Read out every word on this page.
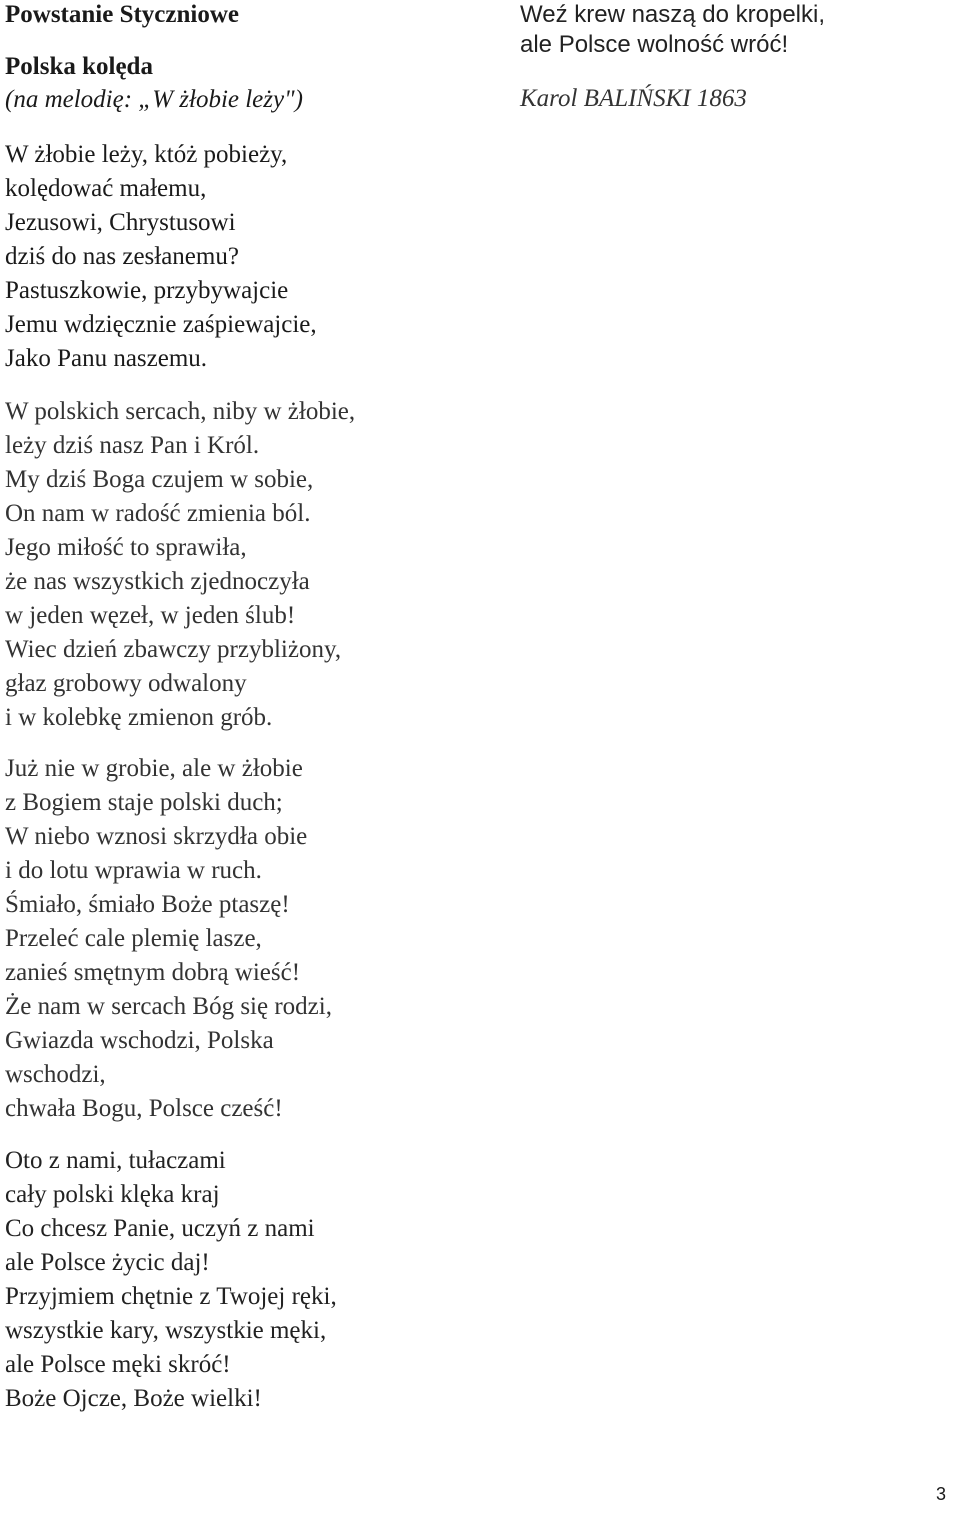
Powstanie Styczniowe
Polska kolęda
(na melodię: „W żłobie leży")
W żłobie leży, któż pobieży,
kolędować małemu,
Jezusowi, Chrystusowi
dziś do nas zesłanemu?
Pastuszkowie, przybywajcie
Jemu wdzięcznie zaśpiewajcie,
Jako Panu naszemu.
W polskich sercach, niby w żłobie,
leży dziś nasz Pan i Król.
My dziś Boga czujem w sobie,
On nam w radość zmienia ból.
Jego miłość to sprawiła,
że nas wszystkich zjednoczyła
w jeden węzeł, w jeden ślub!
Wiec dzień zbawczy przybliżony,
głaz grobowy odwalony
i w kolebkę zmienon grób.
Już nie w grobie, ale w żłobie
z Bogiem staje polski duch;
W niebo wznosi skrzydła obie
i do lotu wprawia w ruch.
Śmiało, śmiało Boże ptaszę!
Przeleć cale plemię lasze,
zanieś smętnym dobrą wieść!
Że nam w sercach Bóg się rodzi,
Gwiazda wschodzi, Polska
wschodzi,
chwała Bogu, Polsce cześć!
Oto z nami, tułaczami
cały polski klęka kraj
Co chcesz Panie, uczyń z nami
ale Polsce życic daj!
Przyjmiem chętnie z Twojej ręki,
wszystkie kary, wszystkie męki,
ale Polsce męki skróć!
Boże Ojcze, Boże wielki!
Weź krew naszą do kropelki,
ale Polsce wolność wróć!
Karol BALIŃSKI 1863
3
